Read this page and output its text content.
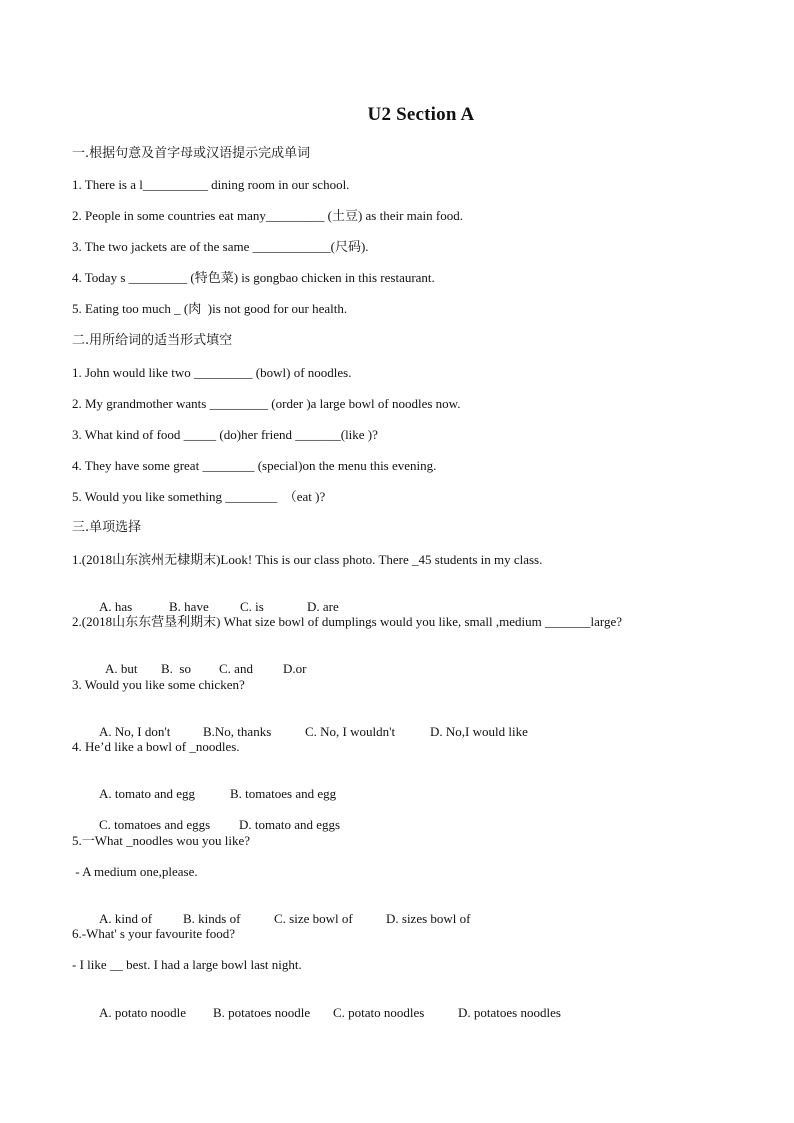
U2 Section A
一.根据句意及首字母或汉语提示完成单词
1. There is a l__________ dining room in our school.
2. People in some countries eat many_________ (土豆) as their main food.
3. The two jackets are of the same ____________(尺码).
4. Today s _________ (特色菜) is gongbao chicken in this restaurant.
5. Eating too much _ (肉  )is not good for our health.
二.用所给词的适当形式填空
1. John would like two _________ (bowl) of noodles.
2. My grandmother wants _________ (order )a large bowl of noodles now.
3. What kind of food _____ (do)her friend _______(like )?
4. They have some great ________ (special)on the menu this evening.
5. Would you like something ________  （eat )?
三.单项选择
1.(2018山东滨州无棣期末)Look! This is our class photo. There _45 students in my class.

A. has	B. have C. is	D. are

2.(2018山东东营垦利期末) What size bowl of dumplings would you like, small ,medium _______large?

A. but B.  so C. and D.or

3. Would you like some chicken?

A. No, I don't	B.No, thanks	C. No, I wouldn't	D. No,I would like

4. He’d like a bowl of _noodles.

A. tomato and egg	B. tomatoes and egg

C. tomatoes and eggs D. tomato and eggs

5.一What _noodles wou you like?
- A medium one,please.

A. kind of B. kinds of	C. size bowl of	D. sizes bowl of

6.-What' s your favourite food?
- I like __ best. I had a large bowl last night.

A. potato noodle B. potatoes noodle C. potato noodles	D. potatoes noodles
